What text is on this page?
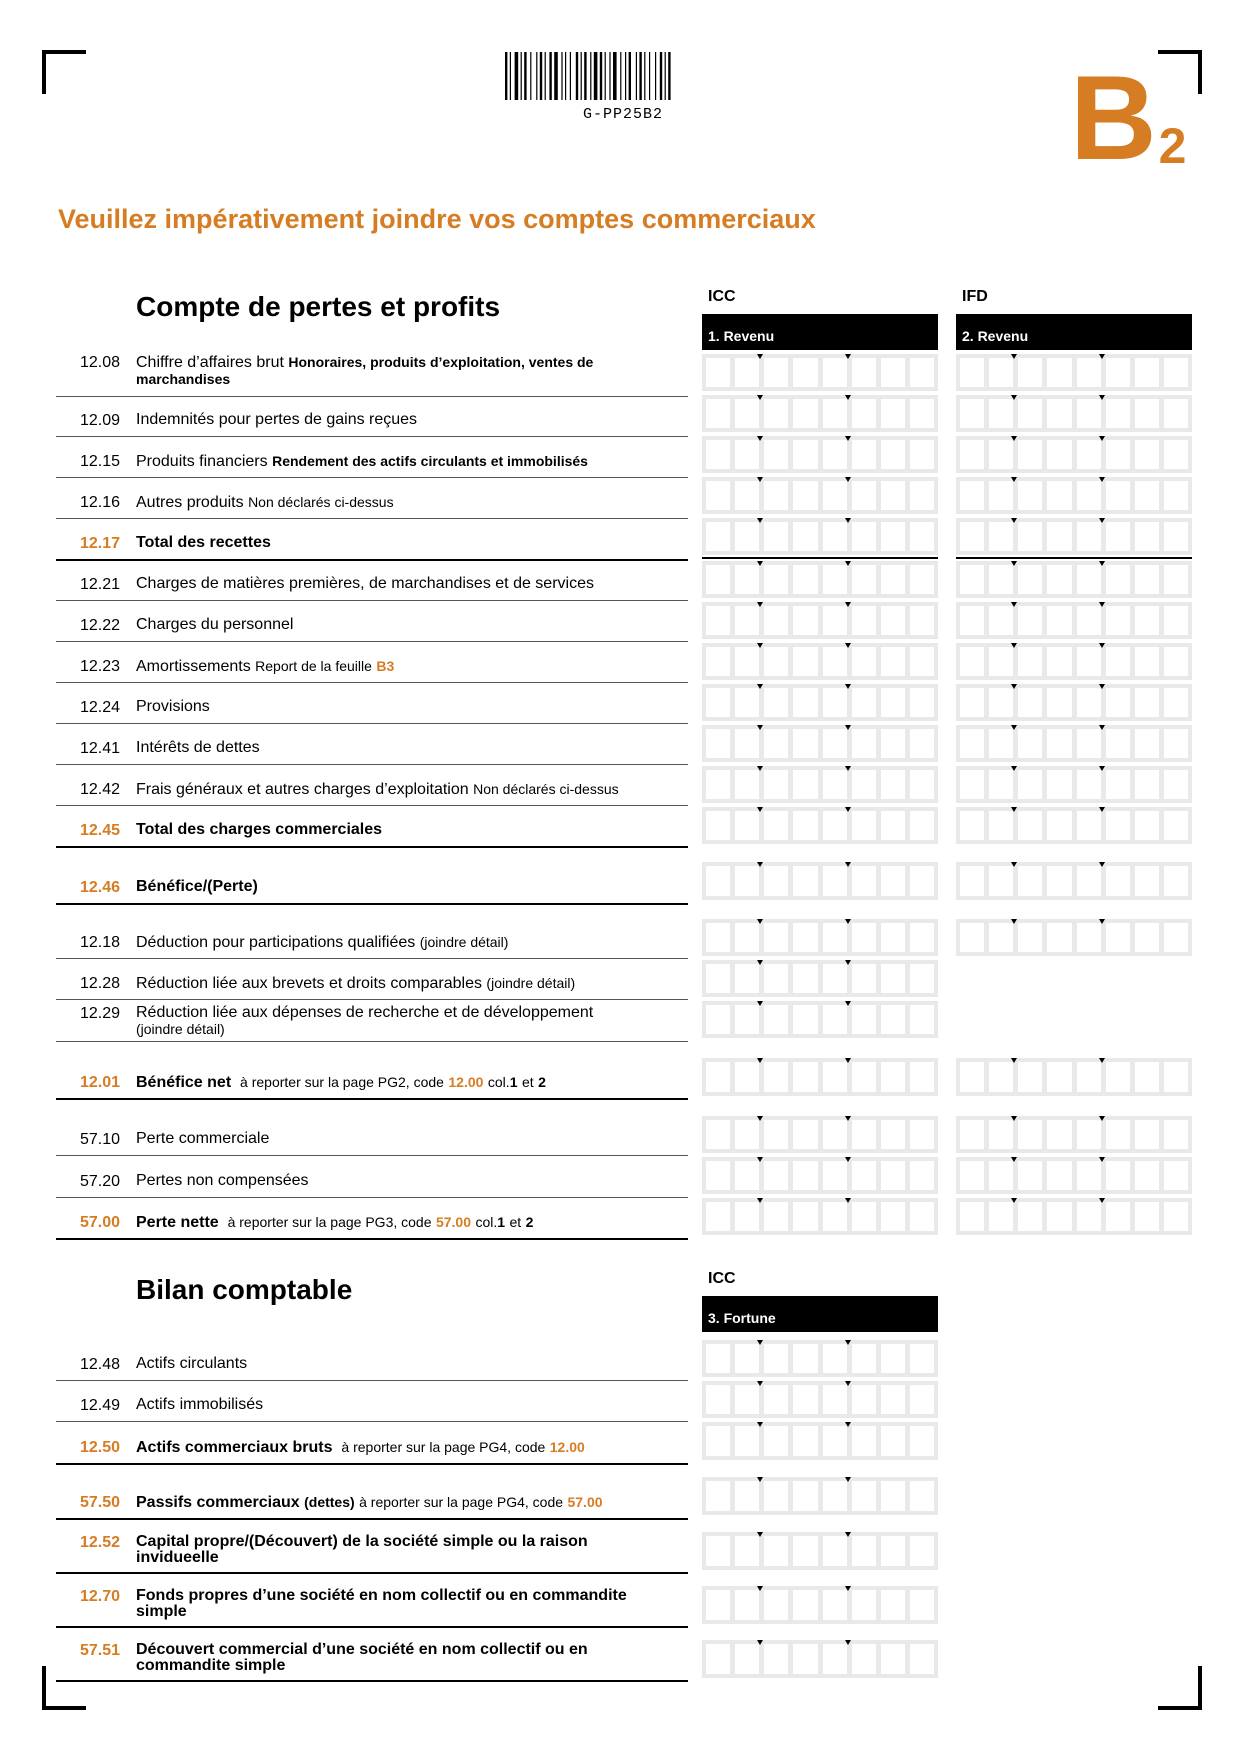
G-PP25B2	$B_2$
Veuillez impérativement joindre vos comptes commerciaux
Compte de pertes et profits	ICC	IFD
1. Revenu	2. Revenu
12.08 Chiffre d’affaires brut Honoraires, produits d’exploitation, ventes de marchandises
12.09 Indemnités pour pertes de gains reçues
12.15 Produits financiers Rendement des actifs circulants et immobilisés
12.16 Autres produits Non déclarés ci-dessus
12.17 Total des recettes
12.21 Charges de matières premières, de marchandises et de services
12.22 Charges du personnel
12.23 Amortissements Report de la feuille B3
12.24 Provisions
12.41 Intérêts de dettes
12.42 Frais généraux et autres charges d’exploitation Non déclarés ci-dessus
12.45 Total des charges commerciales
12.46 Bénéfice/(Perte)
12.18 Déduction pour participations qualifiées (joindre détail)
12.28 Réduction liée aux brevets et droits comparables (joindre détail)
12.29 Réduction liée aux dépenses de recherche et de développement
(joindre détail)
12.01 Bénéfice net à reporter sur la page PG2, code 12.00 col.1 et 2
57.10 Perte commerciale
57.20 Pertes non compensées
57.00 Perte nette à reporter sur la page PG3, code 57.00 col.1 et 2
Bilan comptable	ICC
3. Fortune
12.48 Actifs circulants
12.49 Actifs immobilisés
12.50 Actifs commerciaux bruts à reporter sur la page PG4, code 12.00
57.50 Passifs commerciaux (dettes) à reporter sur la page PG4, code 57.00
12.52 Capital propre/(Découvert) de la société simple ou la raison invidueelle
12.70 Fonds propres d’une société en nom collectif ou en commandite simple
57.51 Découvert commercial d’une société en nom collectif ou en commandite simple
